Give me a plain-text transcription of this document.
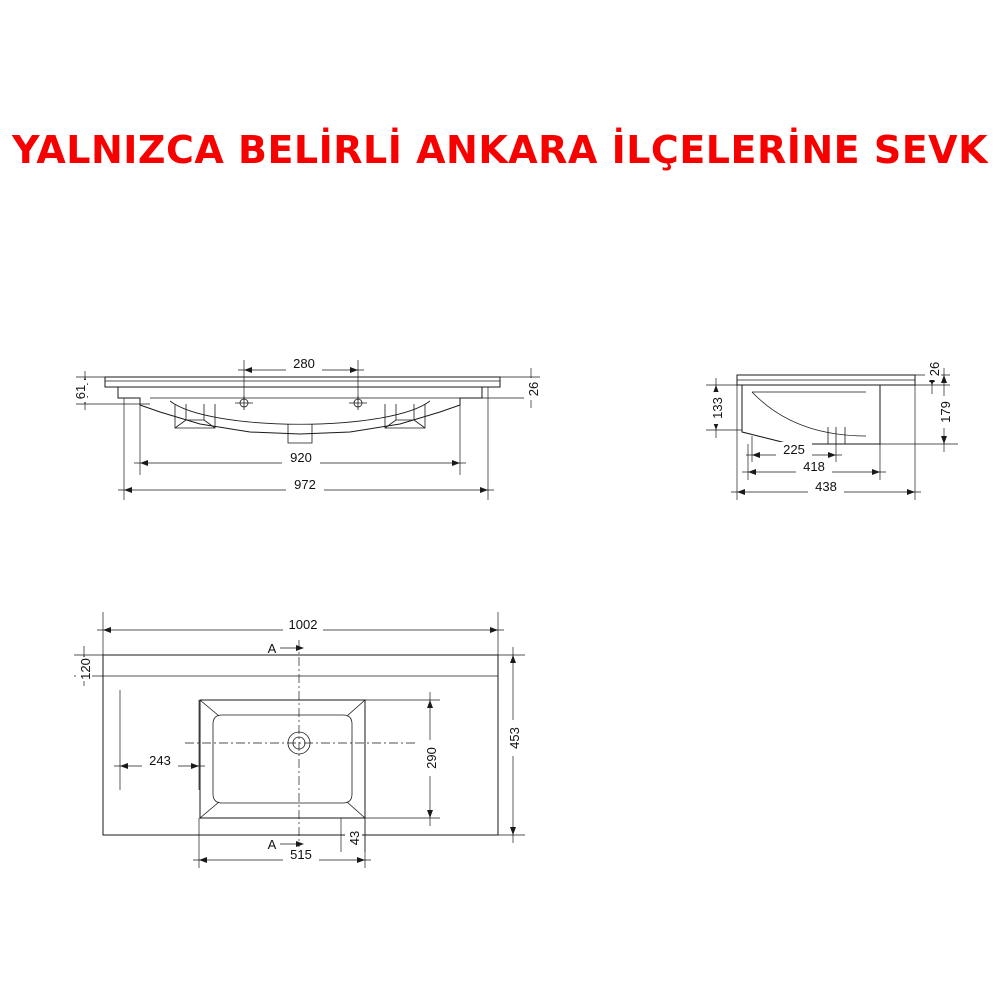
YALNIZCA BELİRLİ ANKARA İLÇELERİNE SEVK
280
61	26
920
972
26
133	179
225
418
438
1002
A
120
243	290
453
A
515
43
